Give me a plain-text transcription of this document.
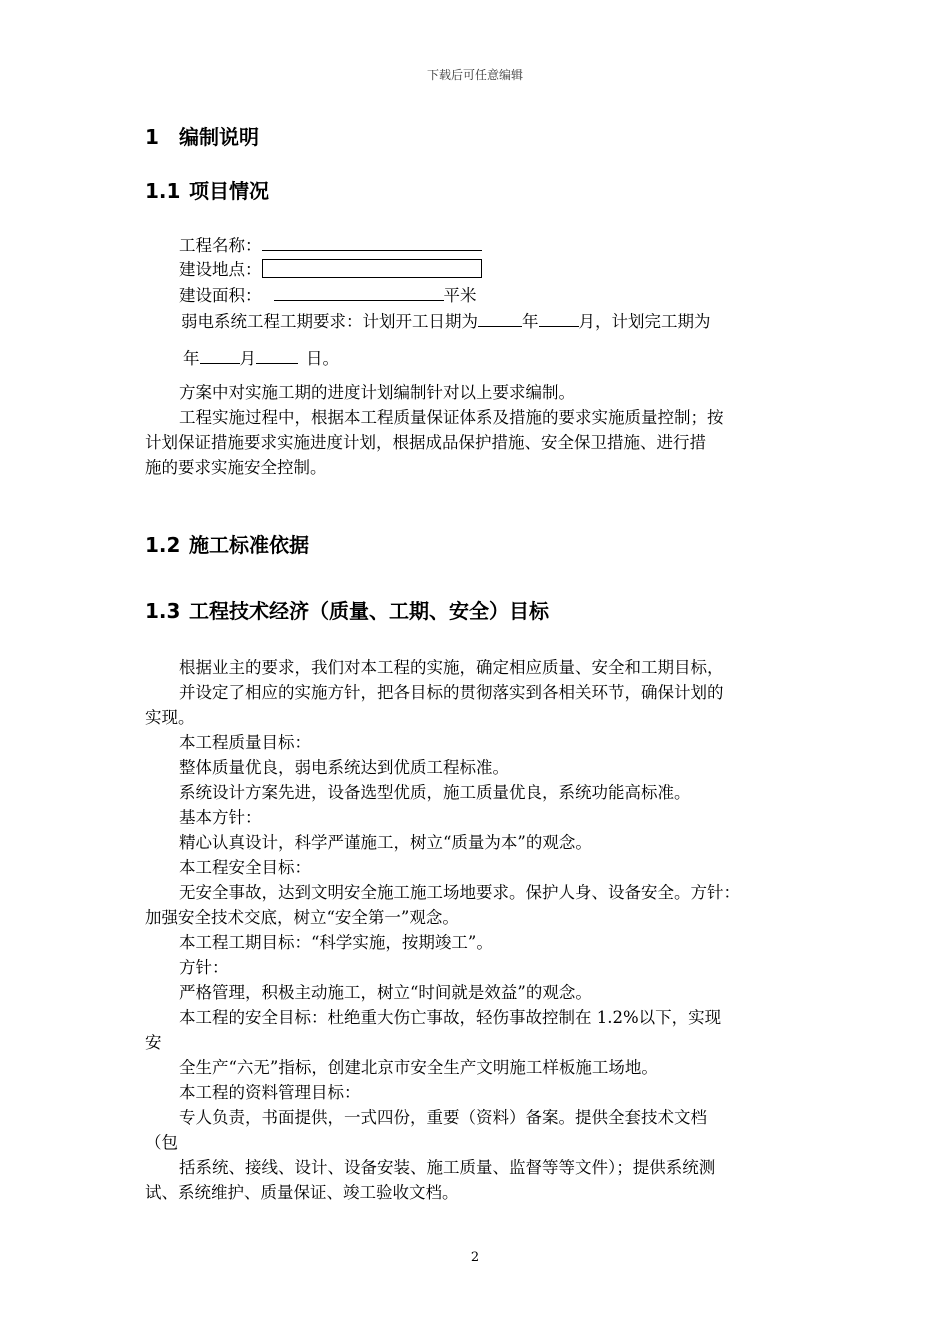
下载后可任意编辑
1 编制说明
1.1 项目情况
工程名称：
建设地点：
建设面积：	平米
弱电系统工程工期要求：计划开工日期为	年 月，计划完工期为
年 月	日。
方案中对实施工期的进度计划编制针对以上要求编制。
工程实施过程中，根据本工程质量保证体系及措施的要求实施质量控制；按
计划保证措施要求实施进度计划，根据成品保护措施、安全保卫措施、进行措
施的要求实施安全控制。
1.2 施工标准依据
1.3 工程技术经济（质量、工期、安全）目标
根据业主的要求，我们对本工程的实施，确定相应质量、安全和工期目标，
并设定了相应的实施方针，把各目标的贯彻落实到各相关环节，确保计划的
实现。
本工程质量目标：
整体质量优良，弱电系统达到优质工程标准。
系统设计方案先进，设备选型优质，施工质量优良，系统功能高标准。
基本方针：
精心认真设计，科学严谨施工，树立“质量为本”的观念。
本工程安全目标：
无安全事故，达到文明安全施工施工场地要求。保护人身、设备安全。方针：
加强安全技术交底，树立“安全第一”观念。
本工程工期目标：“科学实施，按期竣工”。
方针：
严格管理，积极主动施工，树立“时间就是效益”的观念。
本工程的安全目标：杜绝重大伤亡事故，轻伤事故控制在 1.2%以下，实现
安
全生产“六无”指标，创建北京市安全生产文明施工样板施工场地。
本工程的资料管理目标：
专人负责，书面提供，一式四份，重要（资料）备案。提供全套技术文档
（包
括系统、接线、设计、设备安装、施工质量、监督等等文件）；提供系统测
试、系统维护、质量保证、竣工验收文档。
2
